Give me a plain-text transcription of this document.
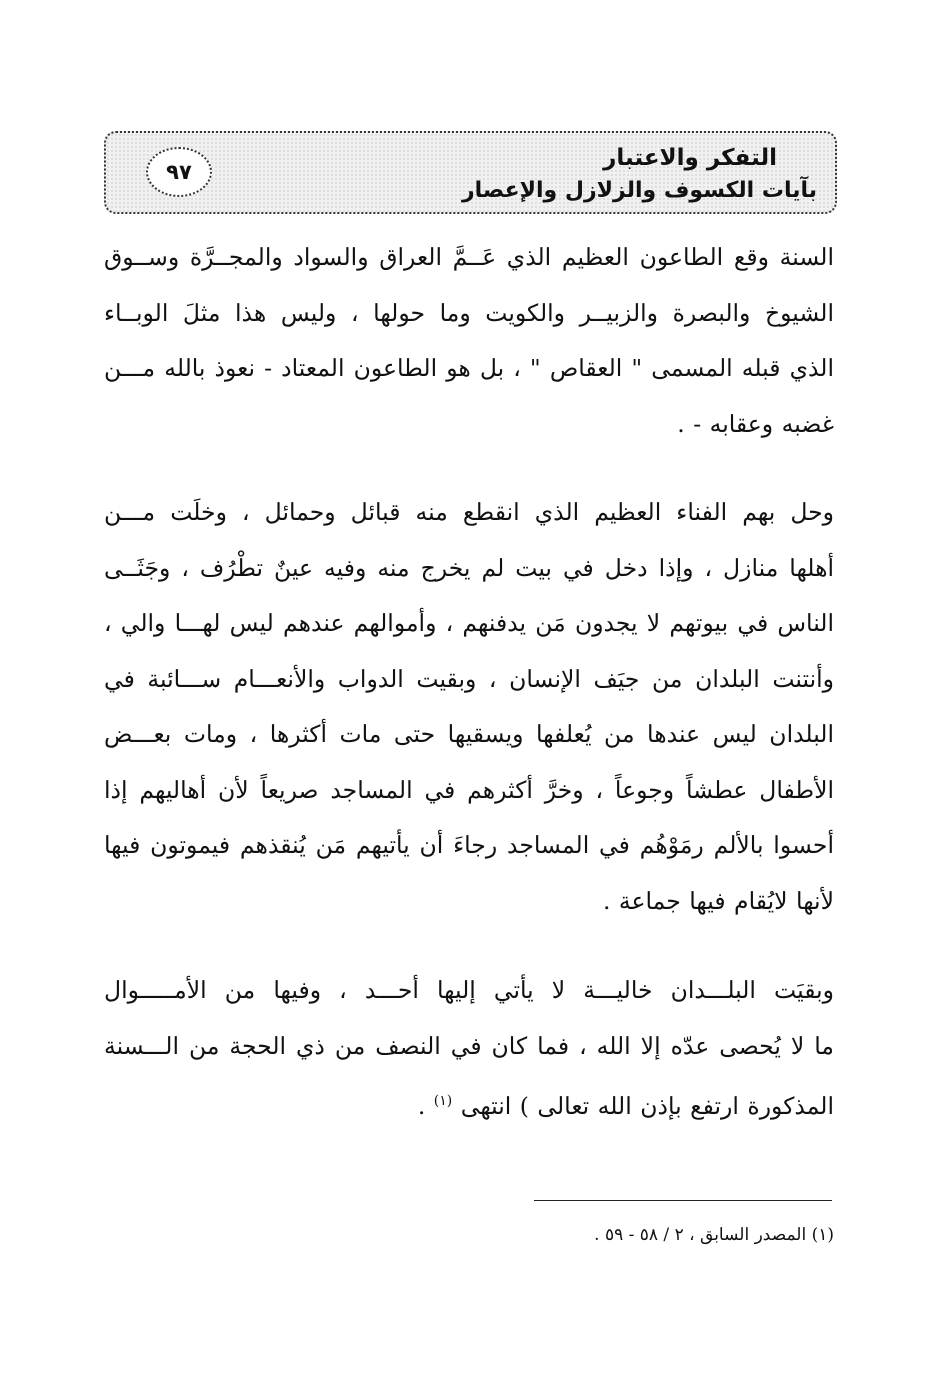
التفكر والاعتبار
بآيات الكسوف والزلازل والإعصار
٩٧

السنة وقع الطاعون العظيم الذي عَــمَّ العراق والسواد والمجــرَّة وســوق
الشيوخ والبصرة والزبيــر والكويت وما حولها ، وليس هذا مثلَ الوبــاء
الذي قبله المسمى " العقاص " ، بل هو الطاعون المعتاد - نعوذ بالله مـــن
غضبه وعقابه - .

وحل بهم الفناء العظيم الذي انقطع منه قبائل وحمائل ، وخلَت مـــن
أهلها منازل ، وإذا دخل في بيت لم يخرج منه وفيه عينٌ تطْرُف ، وجَثَــى
الناس في بيوتهم لا يجدون مَن يدفنهم ، وأموالهم عندهم ليس لهـــا والي ،
وأنتنت البلدان من جيَف الإنسان ، وبقيت الدواب والأنعـــام ســـائبة في
البلدان ليس عندها من يُعلفها ويسقيها حتى مات أكثرها ، ومات بعـــض
الأطفال عطشاً وجوعاً ، وخرَّ أكثرهم في المساجد صريعاً لأن أهاليهم إذا
أحسوا بالألم رمَوْهُم في المساجد رجاءَ أن يأتيهم مَن يُنقذهم فيموتون فيها
لأنها لايُقام فيها جماعة .

وبقيَت البلـــدان خاليـــة لا يأتي إليها أحـــد ، وفيها من الأمـــــوال
ما لا يُحصى عدّه إلا الله ، فما كان في النصف من ذي الحجة من الـــسنة
المذكورة ارتفع بإذن الله تعالى ) انتهى $^{(١)}$ .

(١) المصدر السابق ، ٢ / ٥٨ - ٥٩ .
